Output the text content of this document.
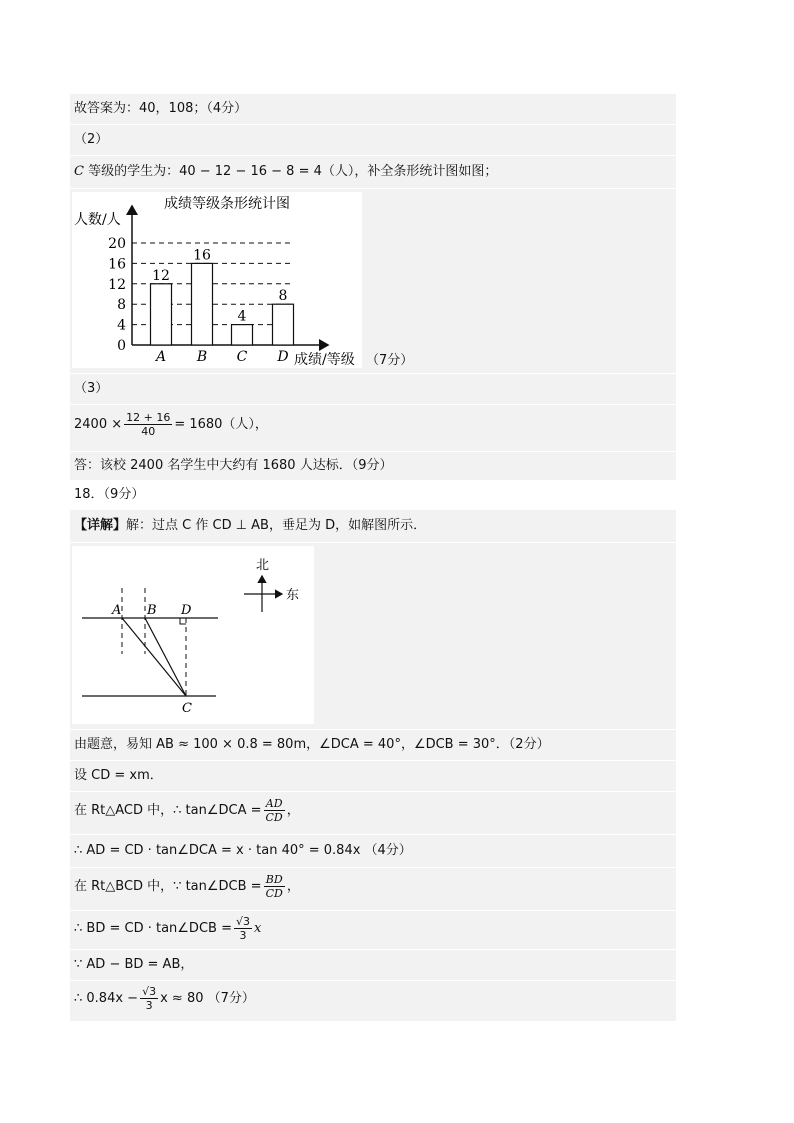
故答案为：40，108；（4分）
（2）
C 等级的学生为：40 − 12 − 16 − 8 = 4（人），补全条形统计图如图；
（7分）
成绩等级条形统计图
人数/人
成绩/等级
0
4
8
12
16
20
12
A
16
B
4
C
8
D
（3）
$2400 \times \frac{12 + 16}{40} = 1680$（人），
答：该校 2400 名学生中大约有 1680 人达标．（9分）
18．（9分）
【详解】解：过点 C 作 CD ⊥ AB，垂足为 D，如解图所示．
A B D
C
北
东
由题意，易知 AB ≈ 100 × 0.8 = 80m，∠DCA = 40°，∠DCB = 30°．（2分）
设 CD = xm．
在 Rt△ACD 中，∴ tan∠DCA = $\frac{AD}{CD}$ ，
∴ AD = CD · tan∠DCA = x · tan 40° = 0.84x （4分）
在 Rt△BCD 中，∵ tan∠DCB = $\frac{BD}{CD}$ ，
∴ BD = CD · tan∠DCB = $\frac{√3}{3}$ x
∵ AD − BD = AB，
∴ $0.84x - \frac{√3}{3}$ x ≈ 80 （7分）
